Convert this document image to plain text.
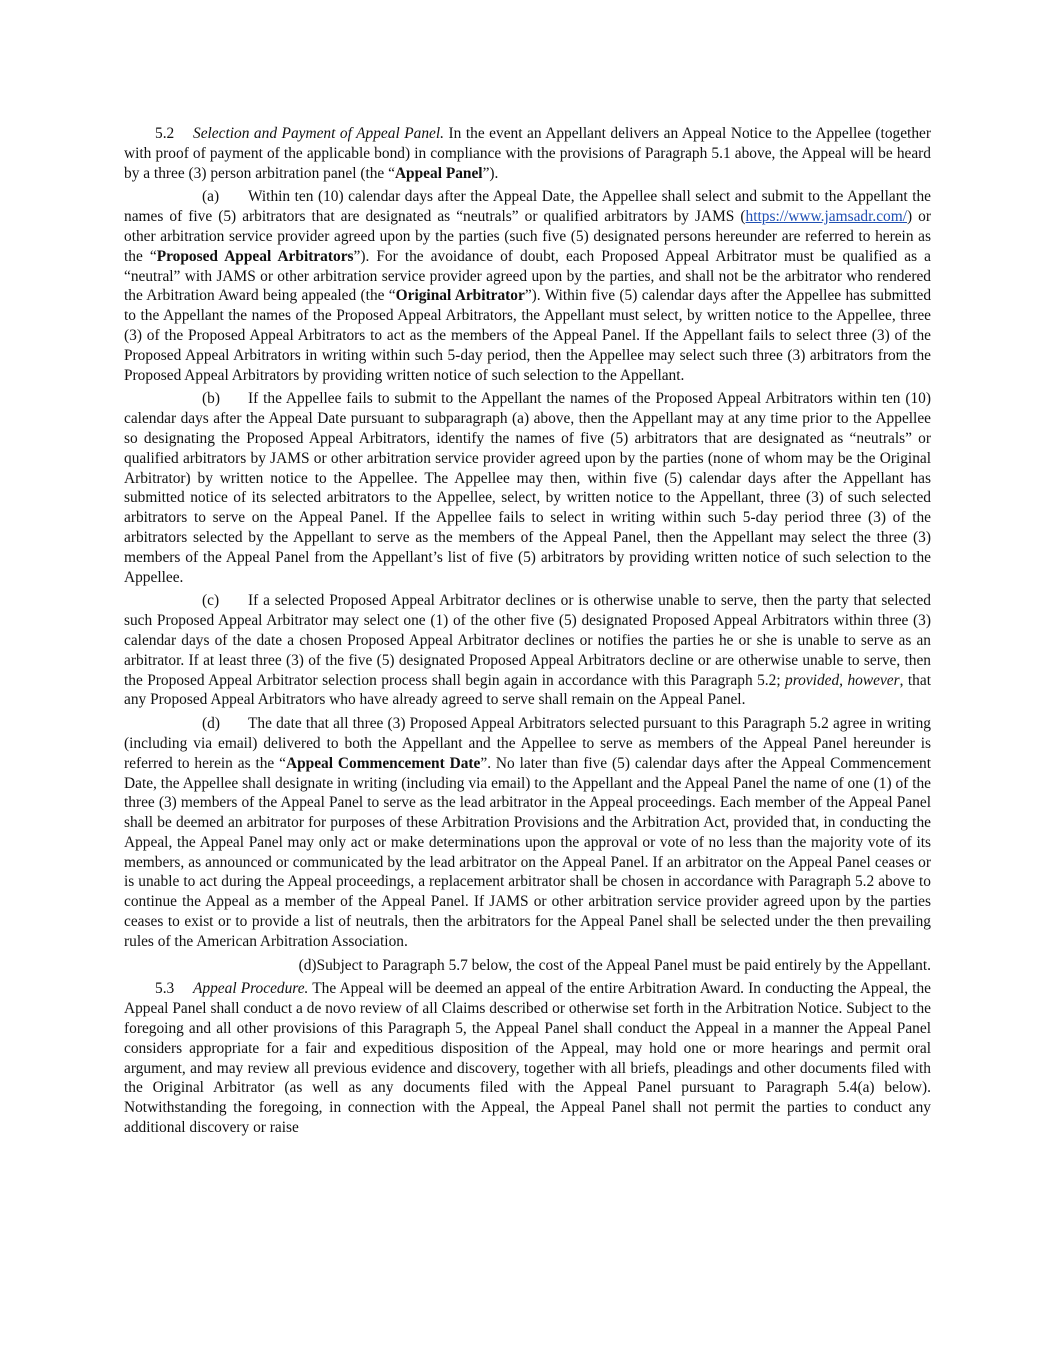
5.2 Selection and Payment of Appeal Panel. In the event an Appellant delivers an Appeal Notice to the Appellee (together with proof of payment of the applicable bond) in compliance with the provisions of Paragraph 5.1 above, the Appeal will be heard by a three (3) person arbitration panel (the “Appeal Panel”).

(a) Within ten (10) calendar days after the Appeal Date, the Appellee shall select and submit to the Appellant the names of five (5) arbitrators that are designated as “neutrals” or qualified arbitrators by JAMS (https://www.jamsadr.com/) or other arbitration service provider agreed upon by the parties (such five (5) designated persons hereunder are referred to herein as the “Proposed Appeal Arbitrators”). For the avoidance of doubt, each Proposed Appeal Arbitrator must be qualified as a “neutral” with JAMS or other arbitration service provider agreed upon by the parties, and shall not be the arbitrator who rendered the Arbitration Award being appealed (the “Original Arbitrator”). Within five (5) calendar days after the Appellee has submitted to the Appellant the names of the Proposed Appeal Arbitrators, the Appellant must select, by written notice to the Appellee, three (3) of the Proposed Appeal Arbitrators to act as the members of the Appeal Panel. If the Appellant fails to select three (3) of the Proposed Appeal Arbitrators in writing within such 5-day period, then the Appellee may select such three (3) arbitrators from the Proposed Appeal Arbitrators by providing written notice of such selection to the Appellant.

(b) If the Appellee fails to submit to the Appellant the names of the Proposed Appeal Arbitrators within ten (10) calendar days after the Appeal Date pursuant to subparagraph (a) above, then the Appellant may at any time prior to the Appellee so designating the Proposed Appeal Arbitrators, identify the names of five (5) arbitrators that are designated as “neutrals” or qualified arbitrators by JAMS or other arbitration service provider agreed upon by the parties (none of whom may be the Original Arbitrator) by written notice to the Appellee. The Appellee may then, within five (5) calendar days after the Appellant has submitted notice of its selected arbitrators to the Appellee, select, by written notice to the Appellant, three (3) of such selected arbitrators to serve on the Appeal Panel. If the Appellee fails to select in writing within such 5-day period three (3) of the arbitrators selected by the Appellant to serve as the members of the Appeal Panel, then the Appellant may select the three (3) members of the Appeal Panel from the Appellant’s list of five (5) arbitrators by providing written notice of such selection to the Appellee.

(c) If a selected Proposed Appeal Arbitrator declines or is otherwise unable to serve, then the party that selected such Proposed Appeal Arbitrator may select one (1) of the other five (5) designated Proposed Appeal Arbitrators within three (3) calendar days of the date a chosen Proposed Appeal Arbitrator declines or notifies the parties he or she is unable to serve as an arbitrator. If at least three (3) of the five (5) designated Proposed Appeal Arbitrators decline or are otherwise unable to serve, then the Proposed Appeal Arbitrator selection process shall begin again in accordance with this Paragraph 5.2; provided, however, that any Proposed Appeal Arbitrators who have already agreed to serve shall remain on the Appeal Panel.

(d) The date that all three (3) Proposed Appeal Arbitrators selected pursuant to this Paragraph 5.2 agree in writing (including via email) delivered to both the Appellant and the Appellee to serve as members of the Appeal Panel hereunder is referred to herein as the “Appeal Commencement Date”. No later than five (5) calendar days after the Appeal Commencement Date, the Appellee shall designate in writing (including via email) to the Appellant and the Appeal Panel the name of one (1) of the three (3) members of the Appeal Panel to serve as the lead arbitrator in the Appeal proceedings. Each member of the Appeal Panel shall be deemed an arbitrator for purposes of these Arbitration Provisions and the Arbitration Act, provided that, in conducting the Appeal, the Appeal Panel may only act or make determinations upon the approval or vote of no less than the majority vote of its members, as announced or communicated by the lead arbitrator on the Appeal Panel. If an arbitrator on the Appeal Panel ceases or is unable to act during the Appeal proceedings, a replacement arbitrator shall be chosen in accordance with Paragraph 5.2 above to continue the Appeal as a member of the Appeal Panel. If JAMS or other arbitration service provider agreed upon by the parties ceases to exist or to provide a list of neutrals, then the arbitrators for the Appeal Panel shall be selected under the then prevailing rules of the American Arbitration Association.

(d)Subject to Paragraph 5.7 below, the cost of the Appeal Panel must be paid entirely by the Appellant.

5.3 Appeal Procedure. The Appeal will be deemed an appeal of the entire Arbitration Award. In conducting the Appeal, the Appeal Panel shall conduct a de novo review of all Claims described or otherwise set forth in the Arbitration Notice. Subject to the foregoing and all other provisions of this Paragraph 5, the Appeal Panel shall conduct the Appeal in a manner the Appeal Panel considers appropriate for a fair and expeditious disposition of the Appeal, may hold one or more hearings and permit oral argument, and may review all previous evidence and discovery, together with all briefs, pleadings and other documents filed with the Original Arbitrator (as well as any documents filed with the Appeal Panel pursuant to Paragraph 5.4(a) below). Notwithstanding the foregoing, in connection with the Appeal, the Appeal Panel shall not permit the parties to conduct any additional discovery or raise
